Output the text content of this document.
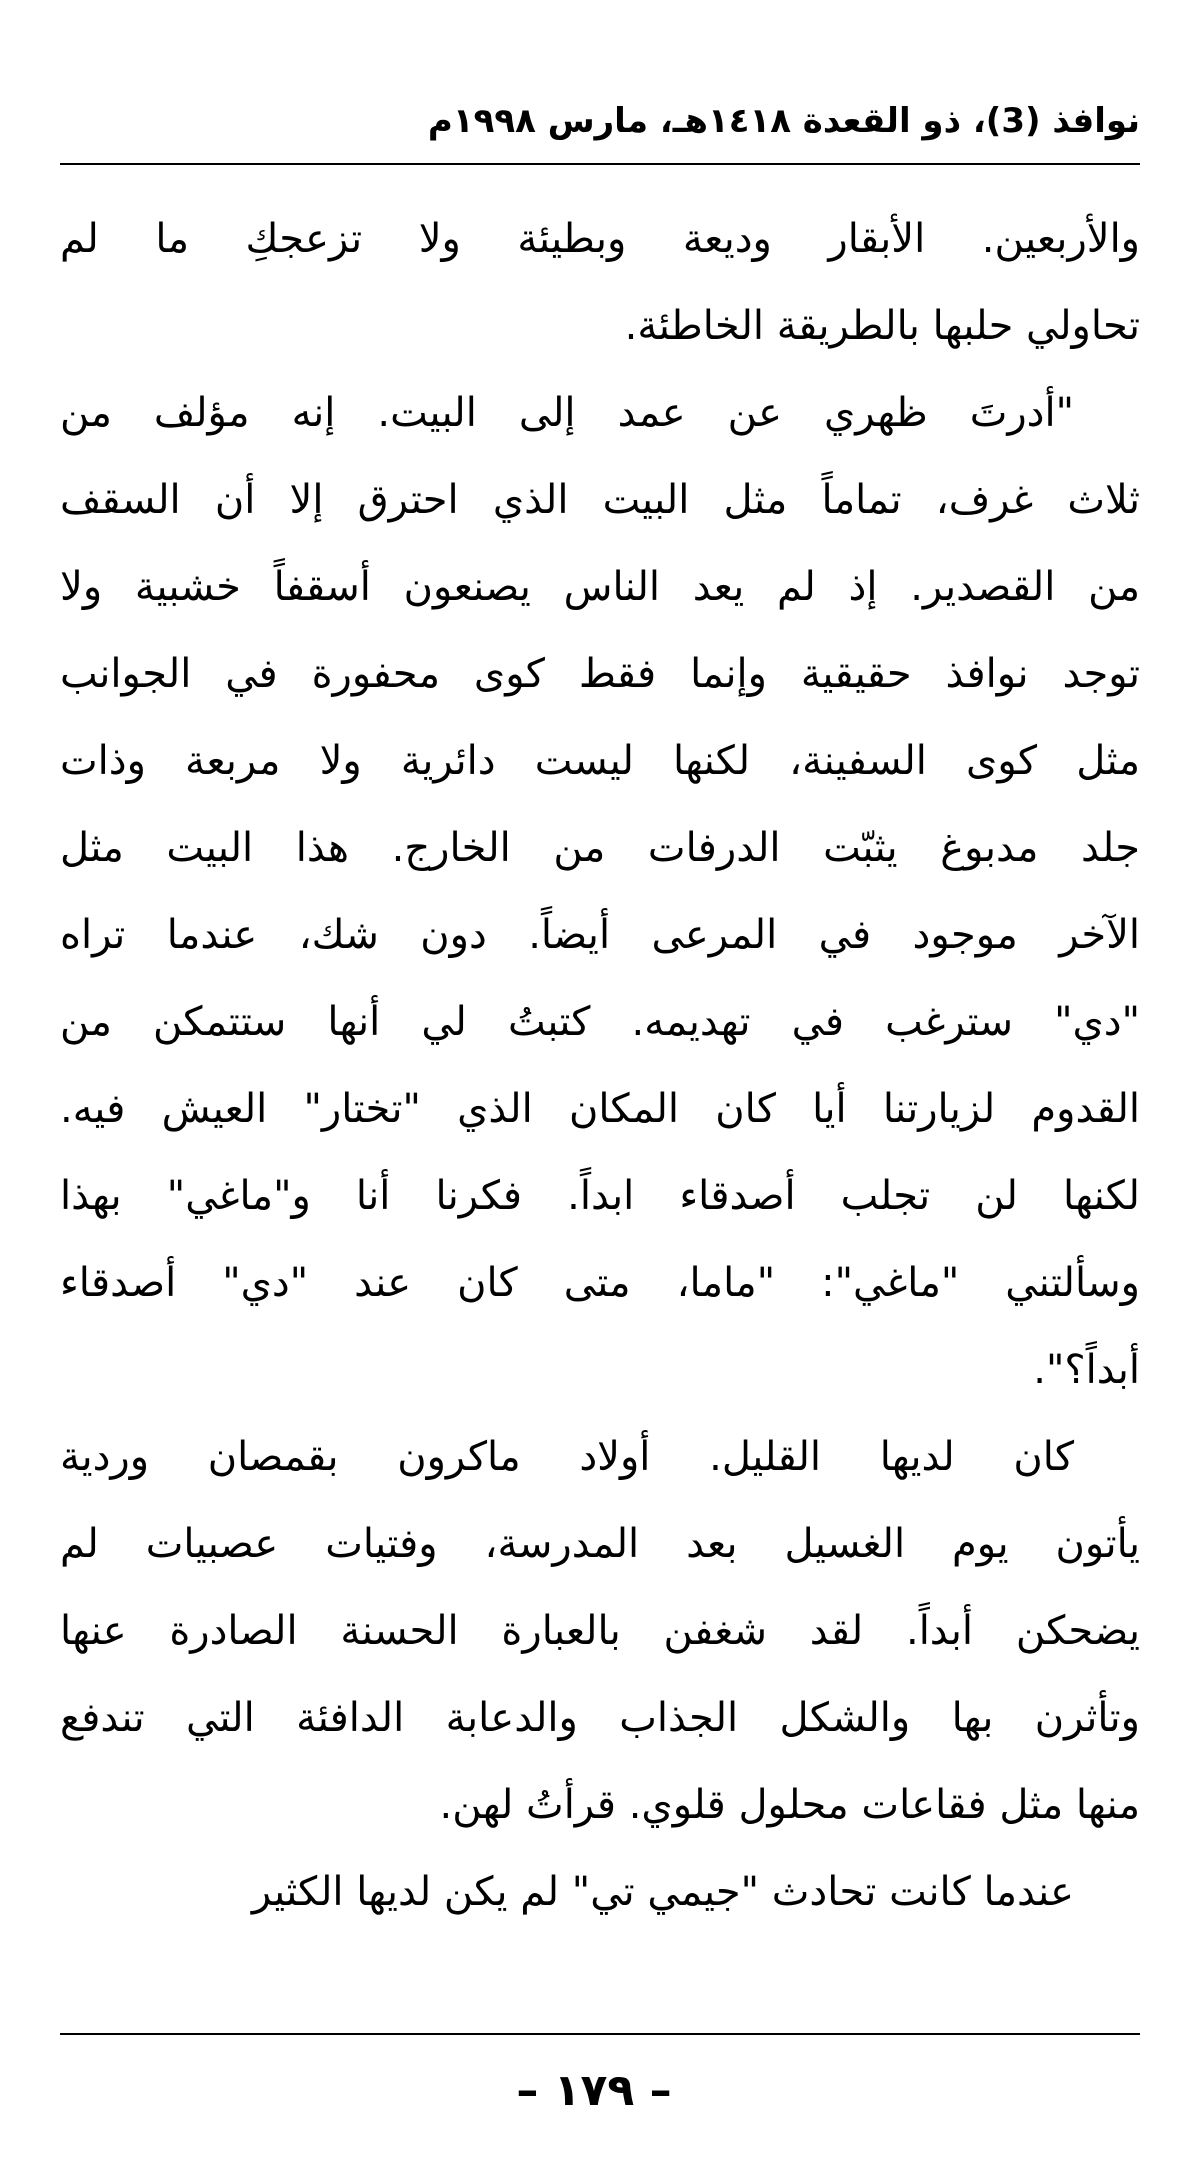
نوافذ (3)، ذو القعدة ١٤١٨هـ، مارس ١٩٩٨م
والأربعين. الأبقار وديعة وبطيئة ولا تزعجكِ ما لم
تحاولي حلبها بالطريقة الخاطئة.
"أدرتَ ظهري عن عمد إلى البيت. إنه مؤلف من
ثلاث غرف، تماماً مثل البيت الذي احترق إلا أن السقف
من القصدير. إذ لم يعد الناس يصنعون أسقفاً خشبية ولا
توجد نوافذ حقيقية وإنما فقط كوى محفورة في الجوانب
مثل كوى السفينة، لكنها ليست دائرية ولا مربعة وذات
جلد مدبوغ يثبّت الدرفات من الخارج. هذا البيت مثل
الآخر موجود في المرعى أيضاً. دون شك، عندما تراه
"دي" سترغب في تهديمه. كتبتُ لي أنها ستتمكن من
القدوم لزيارتنا أيا كان المكان الذي "تختار" العيش فيه.
لكنها لن تجلب أصدقاء ابداً. فكرنا أنا و"ماغي" بهذا
وسألتني "ماغي": "ماما، متى كان عند "دي" أصدقاء
أبداً؟".
كان لديها القليل. أولاد ماكرون بقمصان وردية
يأتون يوم الغسيل بعد المدرسة، وفتيات عصبيات لم
يضحكن أبداً. لقد شغفن بالعبارة الحسنة الصادرة عنها
وتأثرن بها والشكل الجذاب والدعابة الدافئة التي تندفع
منها مثل فقاعات محلول قلوي. قرأتُ لهن.
عندما كانت تحادث "جيمي تي" لم يكن لديها الكثير
– ١٧٩ –
